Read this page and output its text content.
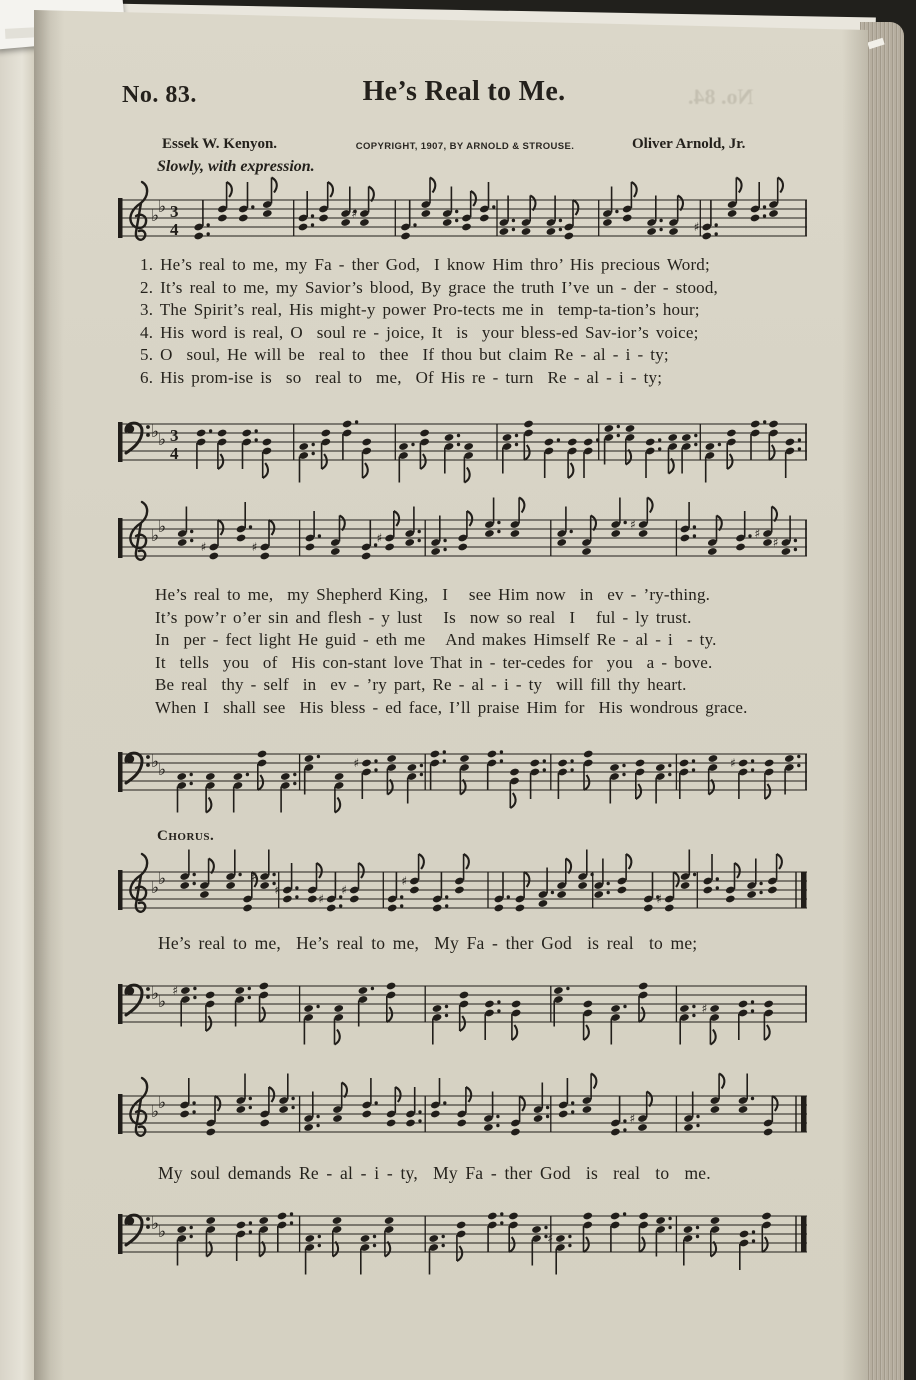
No. 84.
No. 83.	He’s Real to Me.
Essek W. Kenyon.	COPYRIGHT, 1907, BY ARNOLD & STROUSE.	Oliver Arnold, Jr.
Slowly, with expression.
♭
♭ 3
4
♯
♯
1. He’s real to me, my Fa - ther God,  I know Him thro’ His precious Word;
2. It’s real to me, my Savior’s blood, By grace the truth I’ve un - der - stood,
3. The Spirit’s real, His might-y power Pro-tects me in  temp-ta-tion’s hour;
4. His word is real, O  soul re - joice, It  is  your bless-ed Sav-ior’s voice;
5. O  soul, He will be  real to  thee  If thou but claim Re - al - i - ty;
6. His prom-ise is  so  real to  me,  Of His re - turn  Re - al - i - ty;
♭
♭ 3
4
♭
♭
♯	♯
♯
♯
♯
♯
He’s real to me,  my Shepherd King,  I   see Him now  in  ev - ’ry-thing.
It’s pow’r o’er sin and flesh - y lust   Is  now so real  I   ful - ly trust.
In  per - fect light He guid - eth me   And makes Himself Re - al - i  - ty.
It  tells  you  of  His con-stant love That in - ter-cedes for  you  a - bove.
Be real  thy - self  in  ev - ’ry part, Re - al - i - ty  will fill thy heart.
When I  shall see  His bless - ed face, I’ll praise Him for  His wondrous grace.
♭
♭	♯	♯
Chorus.
♭
♭	♯
♯
♯
♯
♯
♯
He’s real to me,  He’s real to me,  My Fa - ther God  is real  to me;
♭
♭
♯
♯
♭
♭
♯
My soul demands Re - al - i - ty,  My Fa - ther God  is  real  to  me.
♭
♭	♯
